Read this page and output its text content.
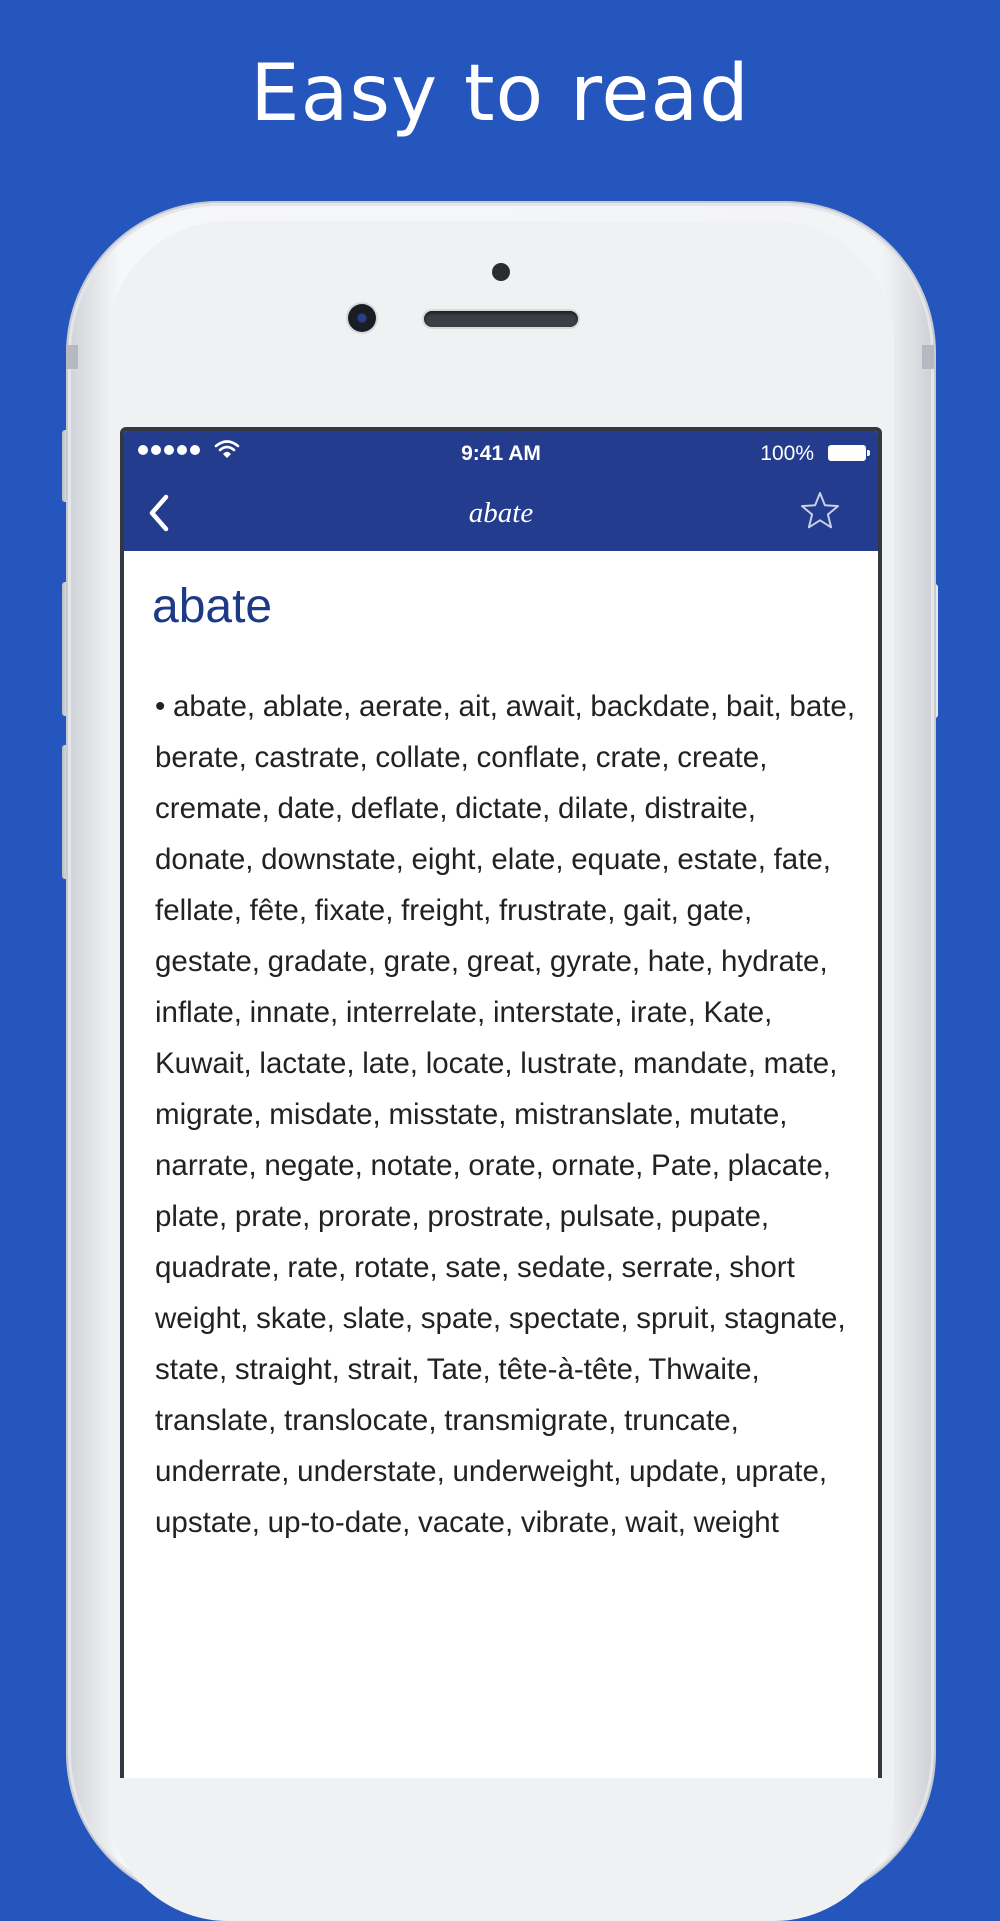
Easy to read
9:41 AM	100%
abate
abate

• abate, ablate, aerate, ait, await, backdate, bait, bate, berate, castrate, collate, conflate, crate, create, cremate, date, deflate, dictate, dilate, distraite, donate, downstate, eight, elate, equate, estate, fate, fellate, fête, fixate, freight, frustrate, gait, gate, gestate, gradate, grate, great, gyrate, hate, hydrate, inflate, innate, interrelate, interstate, irate, Kate, Kuwait, lactate, late, locate, lustrate, mandate, mate, migrate, misdate, misstate, mistranslate, mutate, narrate, negate, notate, orate, ornate, Pate, placate, plate, prate, prorate, prostrate, pulsate, pupate, quadrate, rate, rotate, sate, sedate, serrate, short weight, skate, slate, spate, spectate, spruit, stagnate, state, straight, strait, Tate, tête-à-tête, Thwaite, translate, translocate, transmigrate, truncate, underrate, understate, underweight, update, uprate, upstate, up-to-date, vacate, vibrate, wait, weight
